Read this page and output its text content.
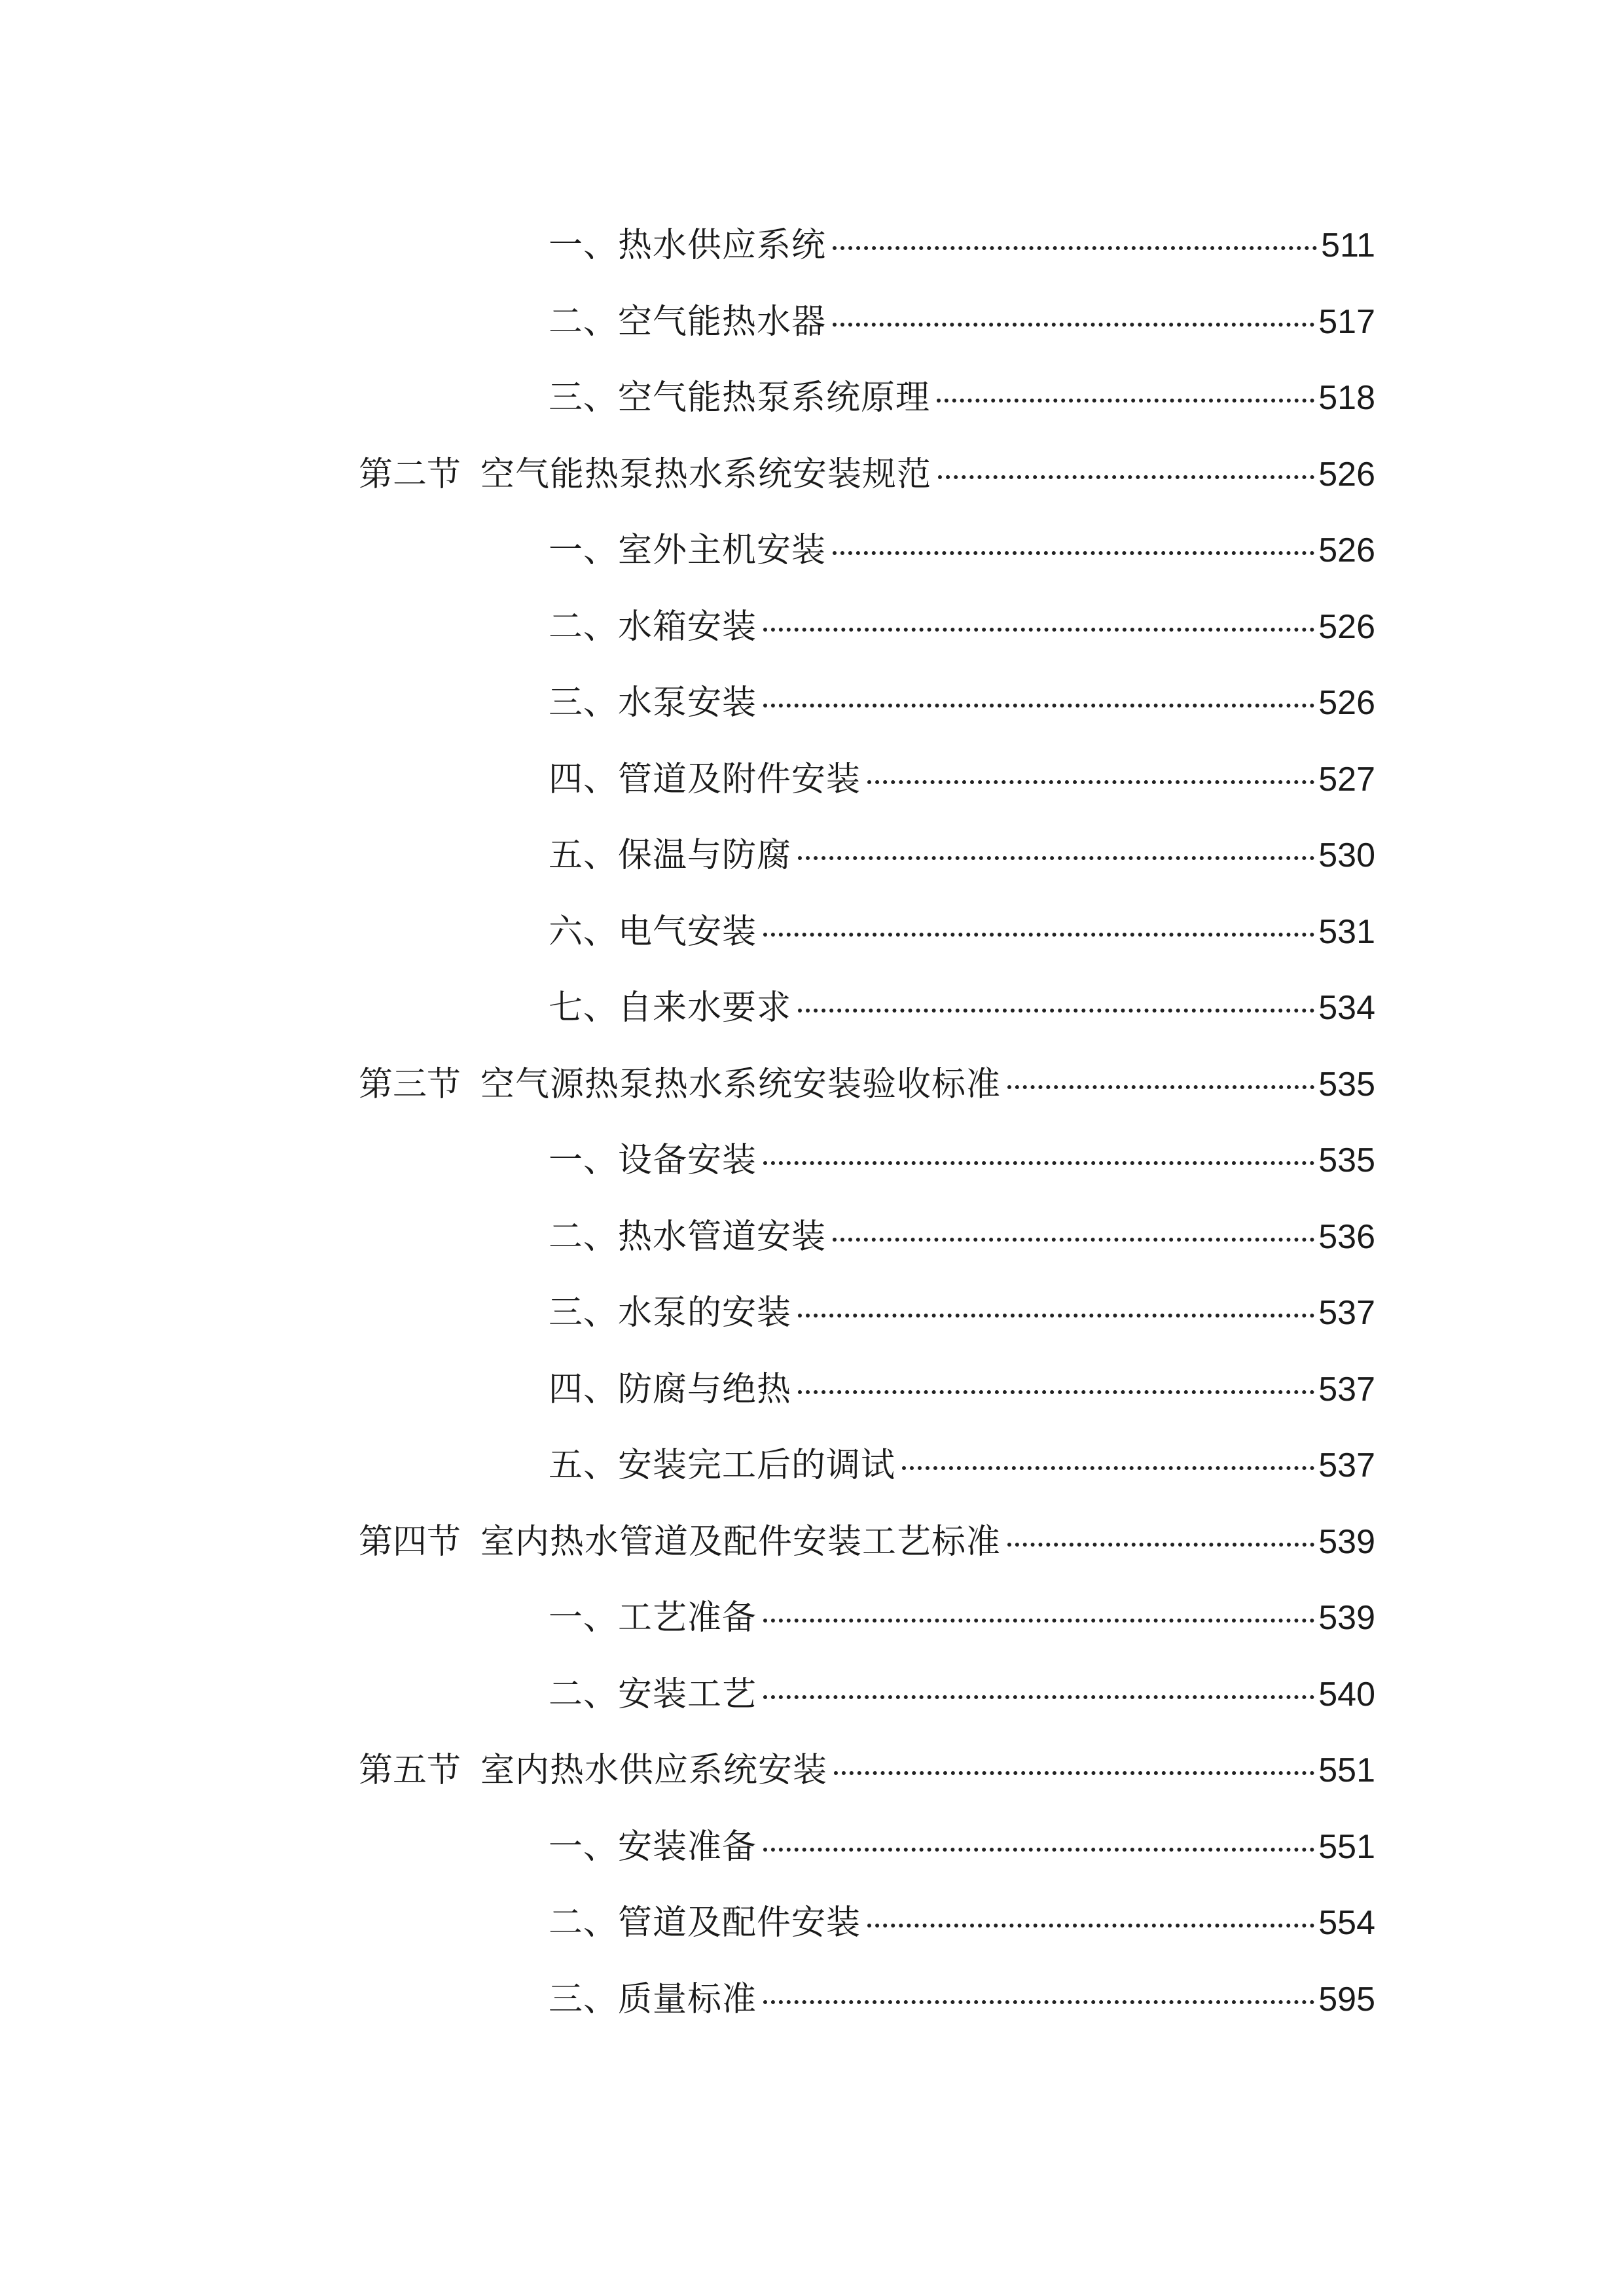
一、热水供应系统	511
二、空气能热水器	517
三、空气能热泵系统原理	518
第二节 空气能热泵热水系统安装规范	526
一、室外主机安装	526
二、水箱安装	526
三、水泵安装	526
四、管道及附件安装	527
五、保温与防腐	530
六、电气安装	531
七、自来水要求	534
第三节 空气源热泵热水系统安装验收标准	535
一、设备安装	535
二、热水管道安装	536
三、水泵的安装	537
四、防腐与绝热	537
五、安装完工后的调试	537
第四节 室内热水管道及配件安装工艺标准	539
一、工艺准备	539
二、安装工艺	540
第五节 室内热水供应系统安装	551
一、安装准备	551
二、管道及配件安装	554
三、质量标准	595
